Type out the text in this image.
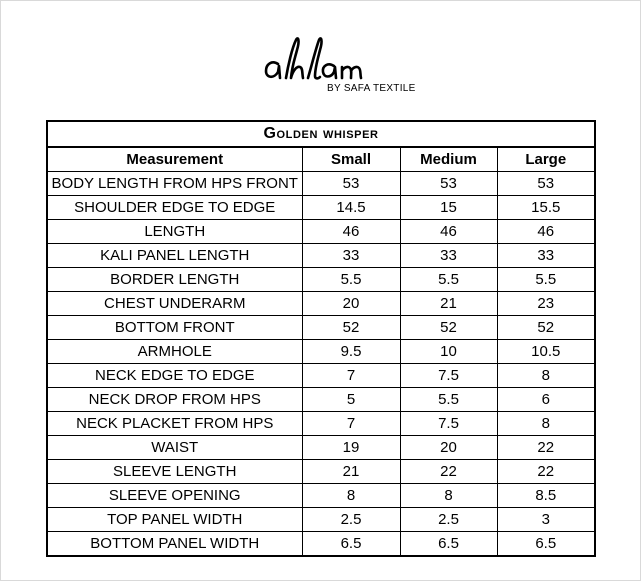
BY SAFA TEXTILE
Golden whisper			
Measurement	Small	Medium	Large
BODY LENGTH FROM HPS FRONT	53	53	53
SHOULDER EDGE TO EDGE	14.5	15	15.5
LENGTH	46	46	46
KALI PANEL LENGTH	33	33	33
BORDER LENGTH	5.5	5.5	5.5
CHEST UNDERARM	20	21	23
BOTTOM FRONT	52	52	52
ARMHOLE	9.5	10	10.5
NECK EDGE TO EDGE	7	7.5	8
NECK DROP FROM HPS	5	5.5	6
NECK PLACKET FROM HPS	7	7.5	8
WAIST	19	20	22
SLEEVE LENGTH	21	22	22
SLEEVE OPENING	8	8	8.5
TOP PANEL WIDTH	2.5	2.5	3
BOTTOM PANEL WIDTH	6.5	6.5	6.5
